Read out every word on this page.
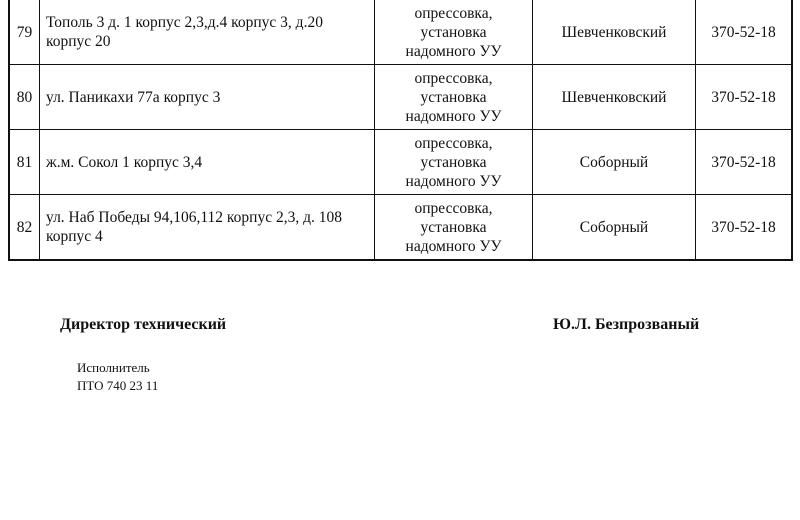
79	Тополь 3 д. 1 корпус 2,3,д.4 корпус 3, д.20 корпус 20	опрессовка,
установка
надомного УУ	Шевченковский	370-52-18
80	ул. Паникахи 77а корпус 3	опрессовка,
установка
надомного УУ	Шевченковский	370-52-18
81	ж.м. Сокол 1 корпус 3,4	опрессовка,
установка
надомного УУ	Соборный	370-52-18
82	ул. Наб Победы 94,106,112 корпус 2,3, д. 108 корпус 4	опрессовка,
установка
надомного УУ	Соборный	370-52-18
Директор технический	Ю.Л. Безпрозваный
Исполнитель
ПТО 740 23 11
